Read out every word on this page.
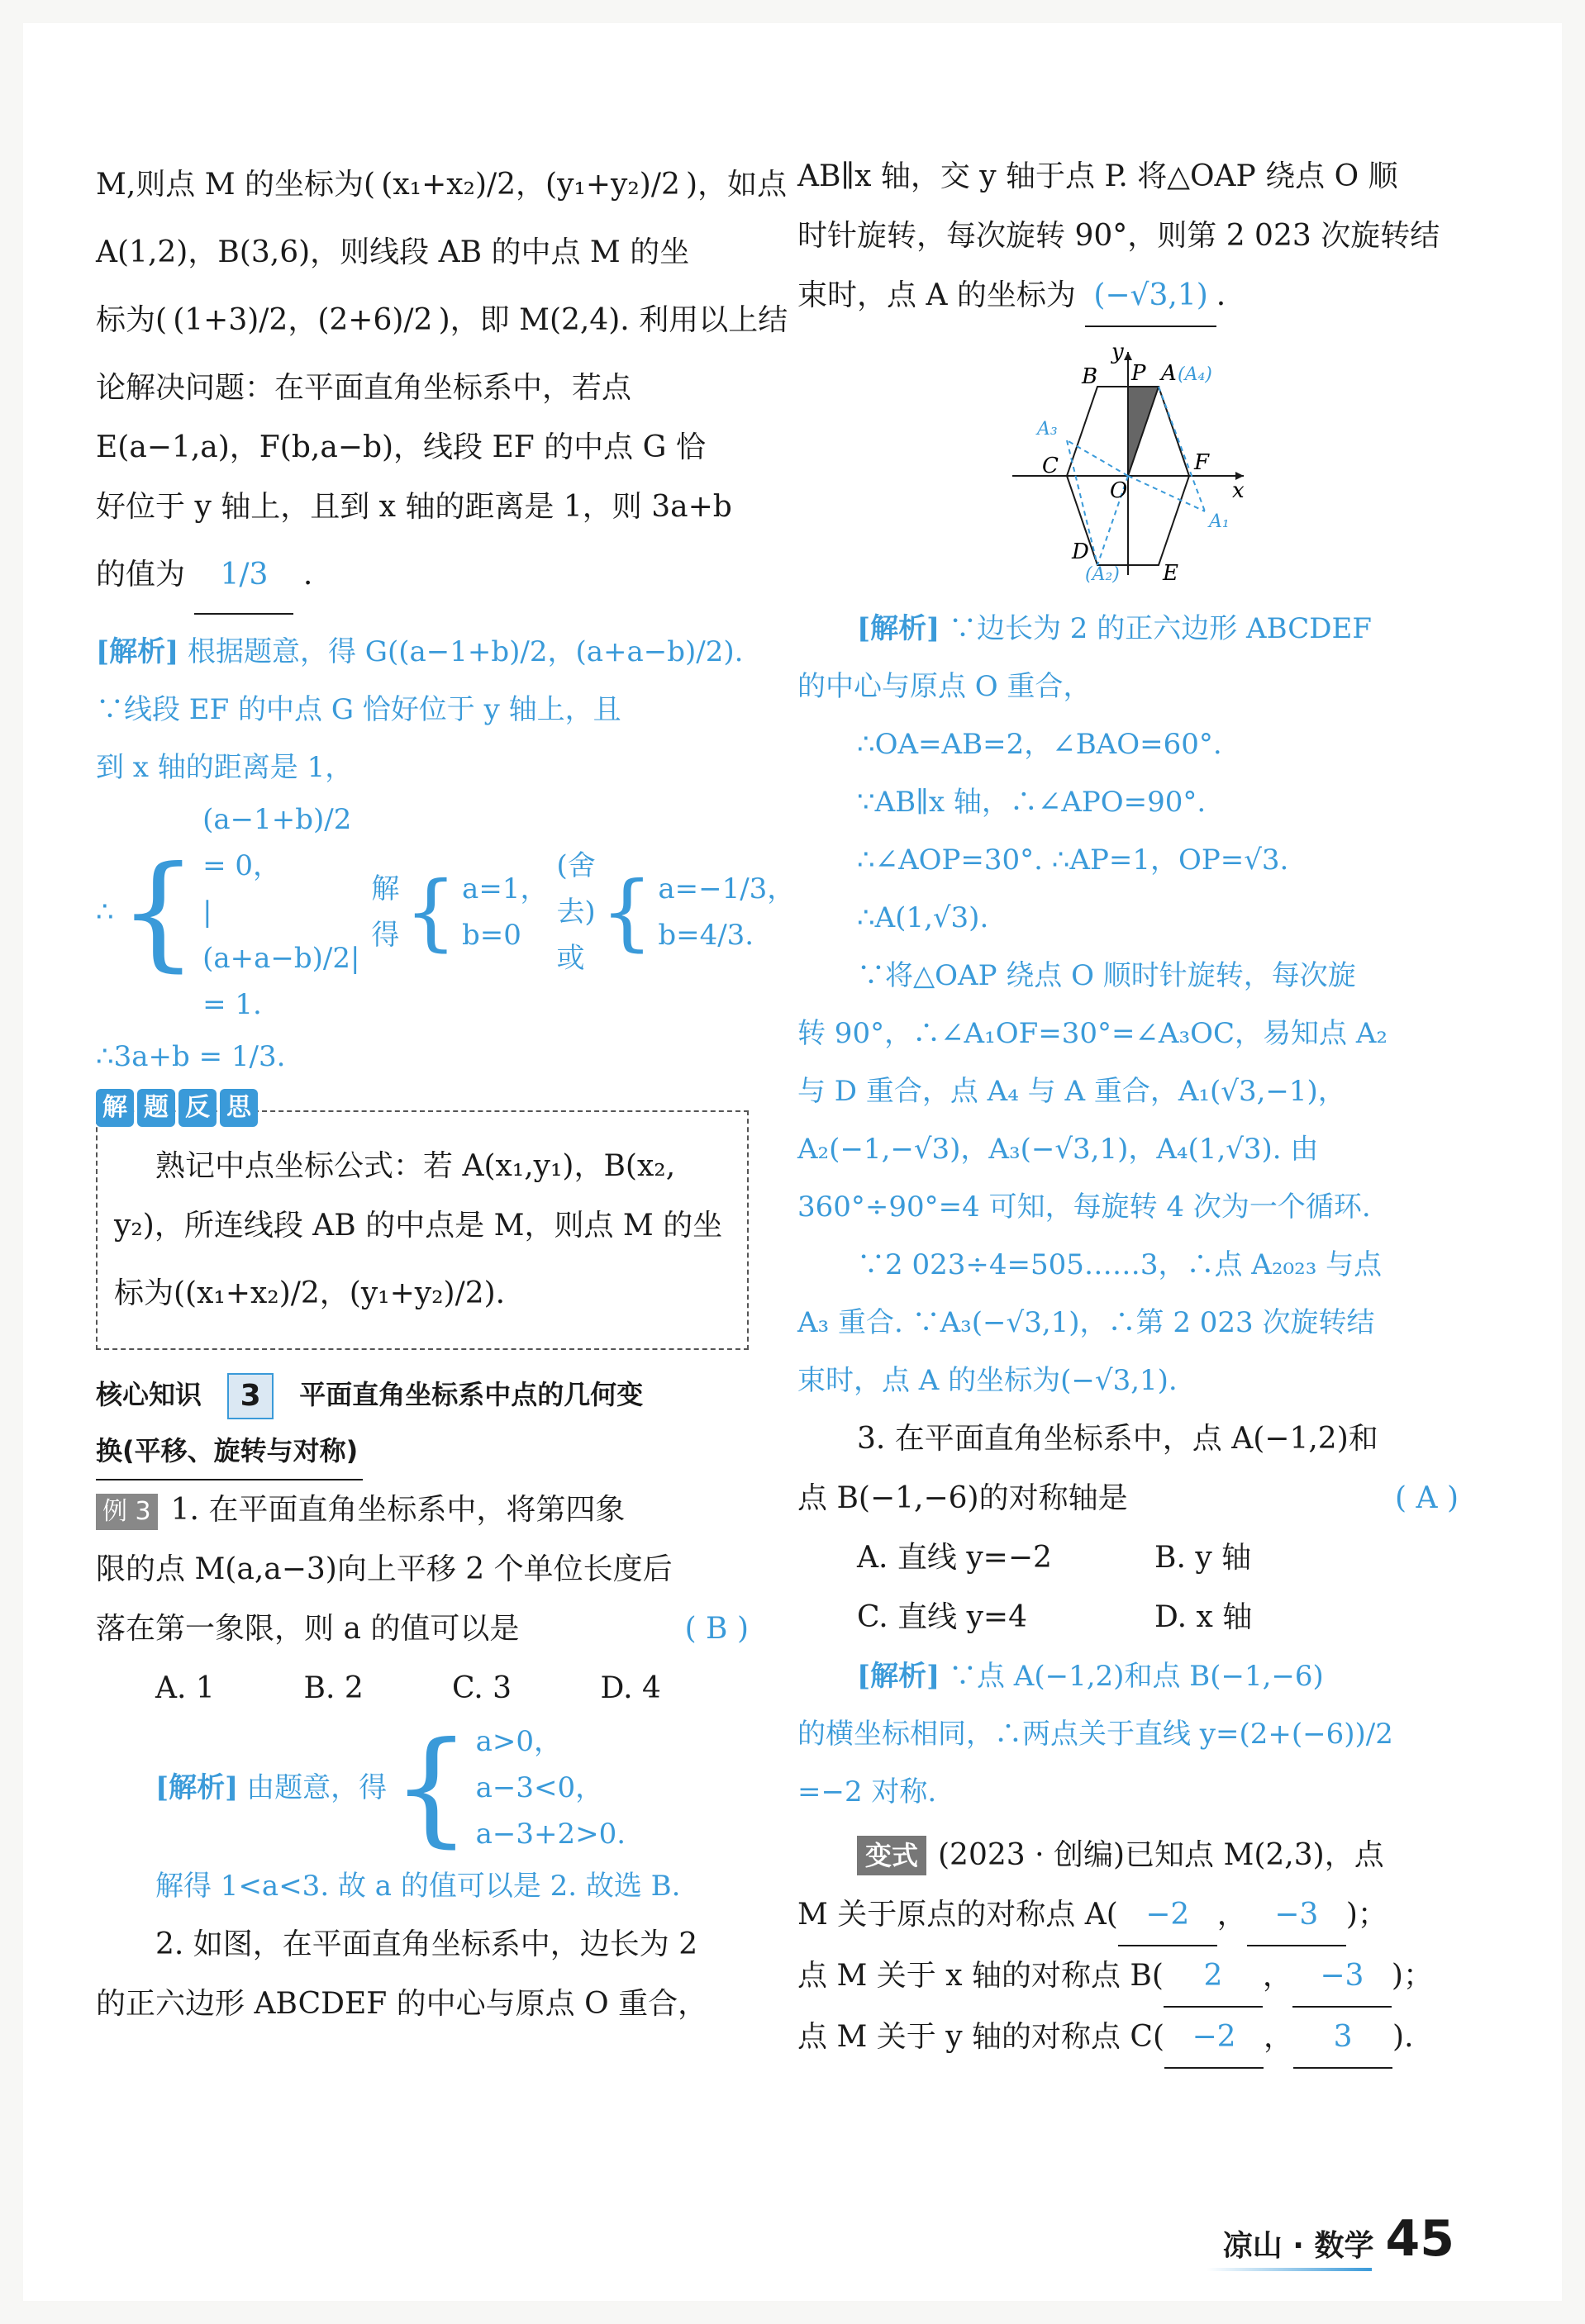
M,则点 M 的坐标为( (x₁+x₂)/2，(y₁+y₂)/2 )，如点
A(1,2)，B(3,6)，则线段 AB 的中点 M 的坐
标为( (1+3)/2，(2+6)/2 )，即 M(2,4). 利用以上结
论解决问题：在平面直角坐标系中，若点
E(a−1,a)，F(b,a−b)，线段 EF 的中点 G 恰
好位于 y 轴上，且到 x 轴的距离是 1，则 3a+b
的值为 1/3 .
[解析] 根据题意，得 G((a−1+b)/2，(a+a−b)/2).
∵线段 EF 的中点 G 恰好位于 y 轴上，且
到 x 轴的距离是 1，
∴ {
(a−1+b)/2 = 0，
|(a+a−b)/2| = 1.
解得 { a=1，
b=0
(舍去)或 { a=−1/3，
b=4/3.
∴3a+b = 1/3.
解 题 反 思
熟记中点坐标公式：若 A(x₁,y₁)，B(x₂,
y₂)，所连线段 AB 的中点是 M，则点 M 的坐
标为((x₁+x₂)/2，(y₁+y₂)/2).
核心知识 3 平面直角坐标系中点的几何变
换(平移、旋转与对称)
例 3 1. 在平面直角坐标系中，将第四象
限的点 M(a,a−3)向上平移 2 个单位长度后
落在第一象限，则 a 的值可以是	( B )
A. 1	B. 2	C. 3	D. 4
[解析] 由题意，得 { a>0，
a−3<0，
a−3+2>0.
解得 1<a<3. 故 a 的值可以是 2. 故选 B.
2. 如图，在平面直角坐标系中，边长为 2
的正六边形 ABCDEF 的中心与原点 O 重合，
AB∥x 轴，交 y 轴于点 P. 将△OAP 绕点 O 顺
时针旋转，每次旋转 90°，则第 2 023 次旋转结
束时，点 A 的坐标为 (−√3,1) .
B P
y
A (A₄)
A₃
C	F
O	x
A₁
D
(A₂) E
[解析] ∵边长为 2 的正六边形 ABCDEF
的中心与原点 O 重合，
∴OA=AB=2，∠BAO=60°.
∵AB∥x 轴，∴∠APO=90°.
∴∠AOP=30°. ∴AP=1，OP=√3.
∴A(1,√3).
∵将△OAP 绕点 O 顺时针旋转，每次旋
转 90°，∴∠A₁OF=30°=∠A₃OC，易知点 A₂
与 D 重合，点 A₄ 与 A 重合，A₁(√3,−1)，
A₂(−1,−√3)，A₃(−√3,1)，A₄(1,√3). 由
360°÷90°=4 可知，每旋转 4 次为一个循环.
∵2 023÷4=505……3，∴点 A₂₀₂₃ 与点
A₃ 重合. ∵A₃(−√3,1)，∴第 2 023 次旋转结
束时，点 A 的坐标为(−√3,1).
3. 在平面直角坐标系中，点 A(−1,2)和
点 B(−1,−6)的对称轴是	( A )
A. 直线 y=−2	B. y 轴
C. 直线 y=4	D. x 轴
[解析] ∵点 A(−1,2)和点 B(−1,−6)
的横坐标相同，∴两点关于直线 y=(2+(−6))/2
=−2 对称.
变式 (2023 · 创编)已知点 M(2,3)，点
M 关于原点的对称点 A( −2 ， −3 )；
点 M 关于 x 轴的对称点 B( 2 ， −3 )；
点 M 关于 y 轴的对称点 C( −2 ， 3 ).
凉山 · 数学 45
